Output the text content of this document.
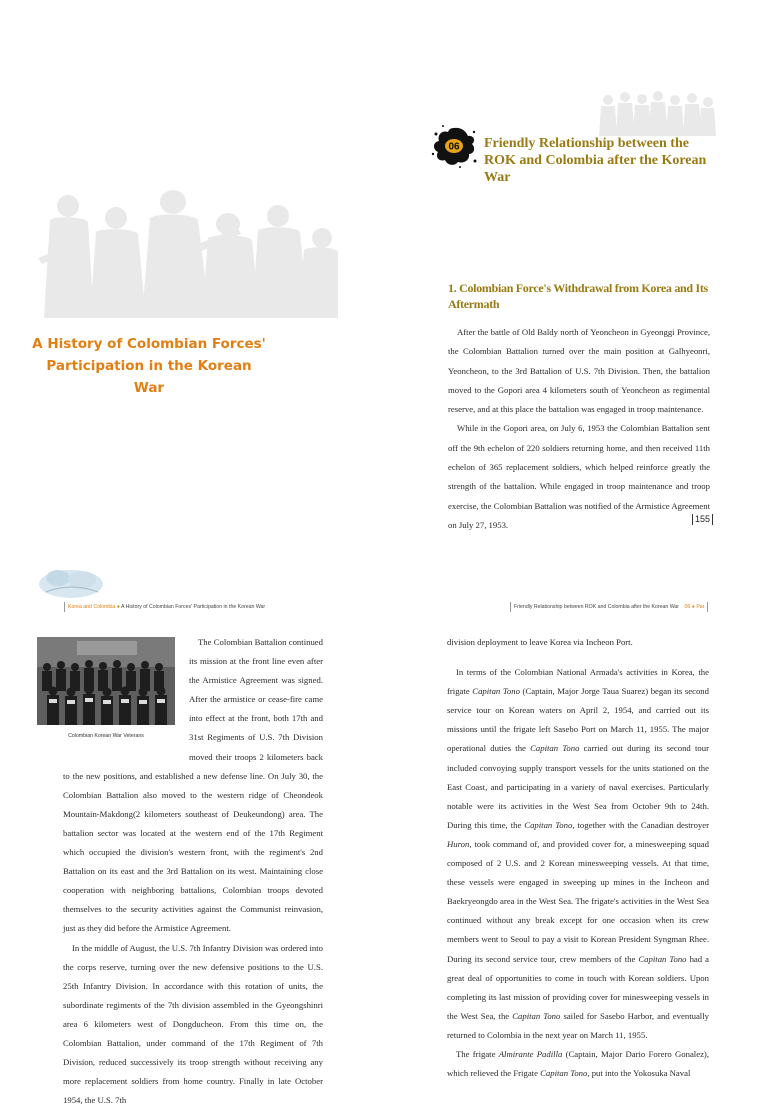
06 Friendly Relationship between the ROK and Colombia after the Korean War
A History of Colombian Forces'
Participation in the Korean War
1. Colombian Force's Withdrawal from Korea and Its Aftermath

After the battle of Old Baldy north of Yeoncheon in Gyeonggi Province, the Colombian Battalion turned over the main position at Galhyeonri, Yeoncheon, to the 3rd Battalion of U.S. 7th Division. Then, the battalion moved to the Gopori area 4 kilometers south of Yeoncheon as regimental reserve, and at this place the battalion was engaged in troop maintenance.

While in the Gopori area, on July 6, 1953 the Colombian Battalion sent off the 9th echelon of 220 soldiers returning home, and then received 11th echelon of 365 replacement soldiers, which helped reinforce greatly the strength of the battalion. While engaged in troop maintenance and troop exercise, the Colombian Battalion was notified of the Armistice Agreement on July 27, 1953.

155
Korea and Colombia ● A History of Colombian Forces' Participation in the Korean War	Friendly Relationship between ROK and Colombia after the Korean War 06 ● Par
Colombian Korean War Veterans

The Colombian Battalion continued its mission at the front line even after the Armistice Agreement was signed. After the armistice or cease-fire came into effect at the front, both 17th and 31st Regiments of U.S. 7th Division moved their troops 2 kilometers back to the new positions, and established a new defense line. On July 30, the Colombian Battalion also moved to the western ridge of Cheondeok Mountain-Makdong(2 kilometers southeast of Deukeundong) area. The battalion sector was located at the western end of the 17th Regiment which occupied the division's western front, with the regiment's 2nd Battalion on its east and the 3rd Battalion on its west. Maintaining close cooperation with neighboring battalions, Colombian troops devoted themselves to the security activities against the Communist reinvasion, just as they did before the Armistice Agreement.

In the middle of August, the U.S. 7th Infantry Division was ordered into the corps reserve, turning over the new defensive positions to the U.S. 25th Infantry Division. In accordance with this rotation of units, the subordinate regiments of the 7th division assembled in the Gyeongshinri area 6 kilometers west of Dongducheon. From this time on, the Colombian Battalion, under command of the 17th Regiment of 7th Division, reduced successively its troop strength without receiving any more replacement soldiers from home country. Finally in late October 1954, the U.S. 7th

division deployment to leave Korea via Incheon Port.

In terms of the Colombian National Armada's activities in Korea, the frigate Capitan Tono (Captain, Major Jorge Taua Suarez) began its second service tour on Korean waters on April 2, 1954, and carried out its missions until the frigate left Sasebo Port on March 11, 1955. The major operational duties the Capitan Tono carried out during its second tour included convoying supply transport vessels for the units stationed on the East Coast, and participating in a variety of naval exercises. Particularly notable were its activities in the West Sea from October 9th to 24th. During this time, the Capitan Tono, together with the Canadian destroyer Huron, took command of, and provided cover for, a minesweeping squad composed of 2 U.S. and 2 Korean minesweeping vessels. At that time, these vessels were engaged in sweeping up mines in the Incheon and Baekryeongdo area in the West Sea. The frigate's activities in the West Sea continued without any break except for one occasion when its crew members went to Seoul to pay a visit to Korean President Syngman Rhee. During its second service tour, crew members of the Capitan Tono had a great deal of opportunities to come in touch with Korean soldiers. Upon completing its last mission of providing cover for minesweeping vessels in the West Sea, the Capitan Tono sailed for Sasebo Harbor, and eventually returned to Colombia in the next year on March 11, 1955.

The frigate Almirante Padilla (Captain, Major Dario Forero Gonalez), which relieved the Frigate Capitan Tono, put into the Yokosuka Naval
